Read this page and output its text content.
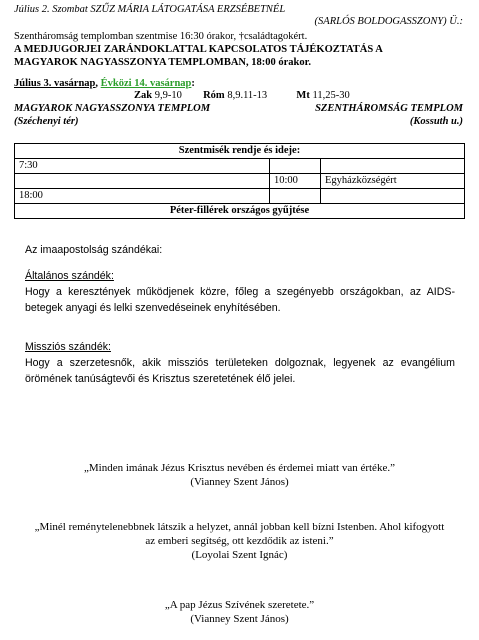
Július 2. Szombat SZŰZ MÁRIA LÁTOGATÁSA ERZSÉBETNÉL
(SARLÓS BOLDOGASSZONY) Ü.:
Szentháromság templomban szentmise 16:30 órakor, †családtagokért.
A MEDJUGORJEI ZARÁNDOKLATTAL KAPCSOLATOS TÁJÉKOZTATÁS A
MAGYAROK NAGYASSZONYA TEMPLOMBAN, 18:00 órakor.
Július 3. vasárnap, Évközi 14. vasárnap:
Zak 9,9-10 Róm 8,9.11-13	Mt 11,25-30
MAGYAROK NAGYASSZONYA TEMPLOM	SZENTHÁROMSÁG TEMPLOM
(Széchenyi tér)	(Kossuth u.)
Szentmisék rendje és ideje:		
7:30		
	10:00	Egyházközségért
18:00		
Péter-fillérek országos gyűjtése		
Az imaapostolság szándékai:
Általános szándék:
Hogy a keresztények működjenek közre, főleg a szegényebb országokban, az AIDS-betegek anyagi és lelki szenvedéseinek enyhítésében.
Missziós szándék:
Hogy a szerzetesnők, akik missziós területeken dolgoznak, legyenek az evangélium örömének tanúságtevői és Krisztus szeretetének élő jelei.
„Minden imának Jézus Krisztus nevében és érdemei miatt van értéke.”
(Vianney Szent János)
„Minél reménytelenebbnek látszik a helyzet, annál jobban kell bízni Istenben. Ahol kifogyott az emberi segítség, ott kezdődik az isteni.”
(Loyolai Szent Ignác)
„A pap Jézus Szívének szeretete.”
(Vianney Szent János)
